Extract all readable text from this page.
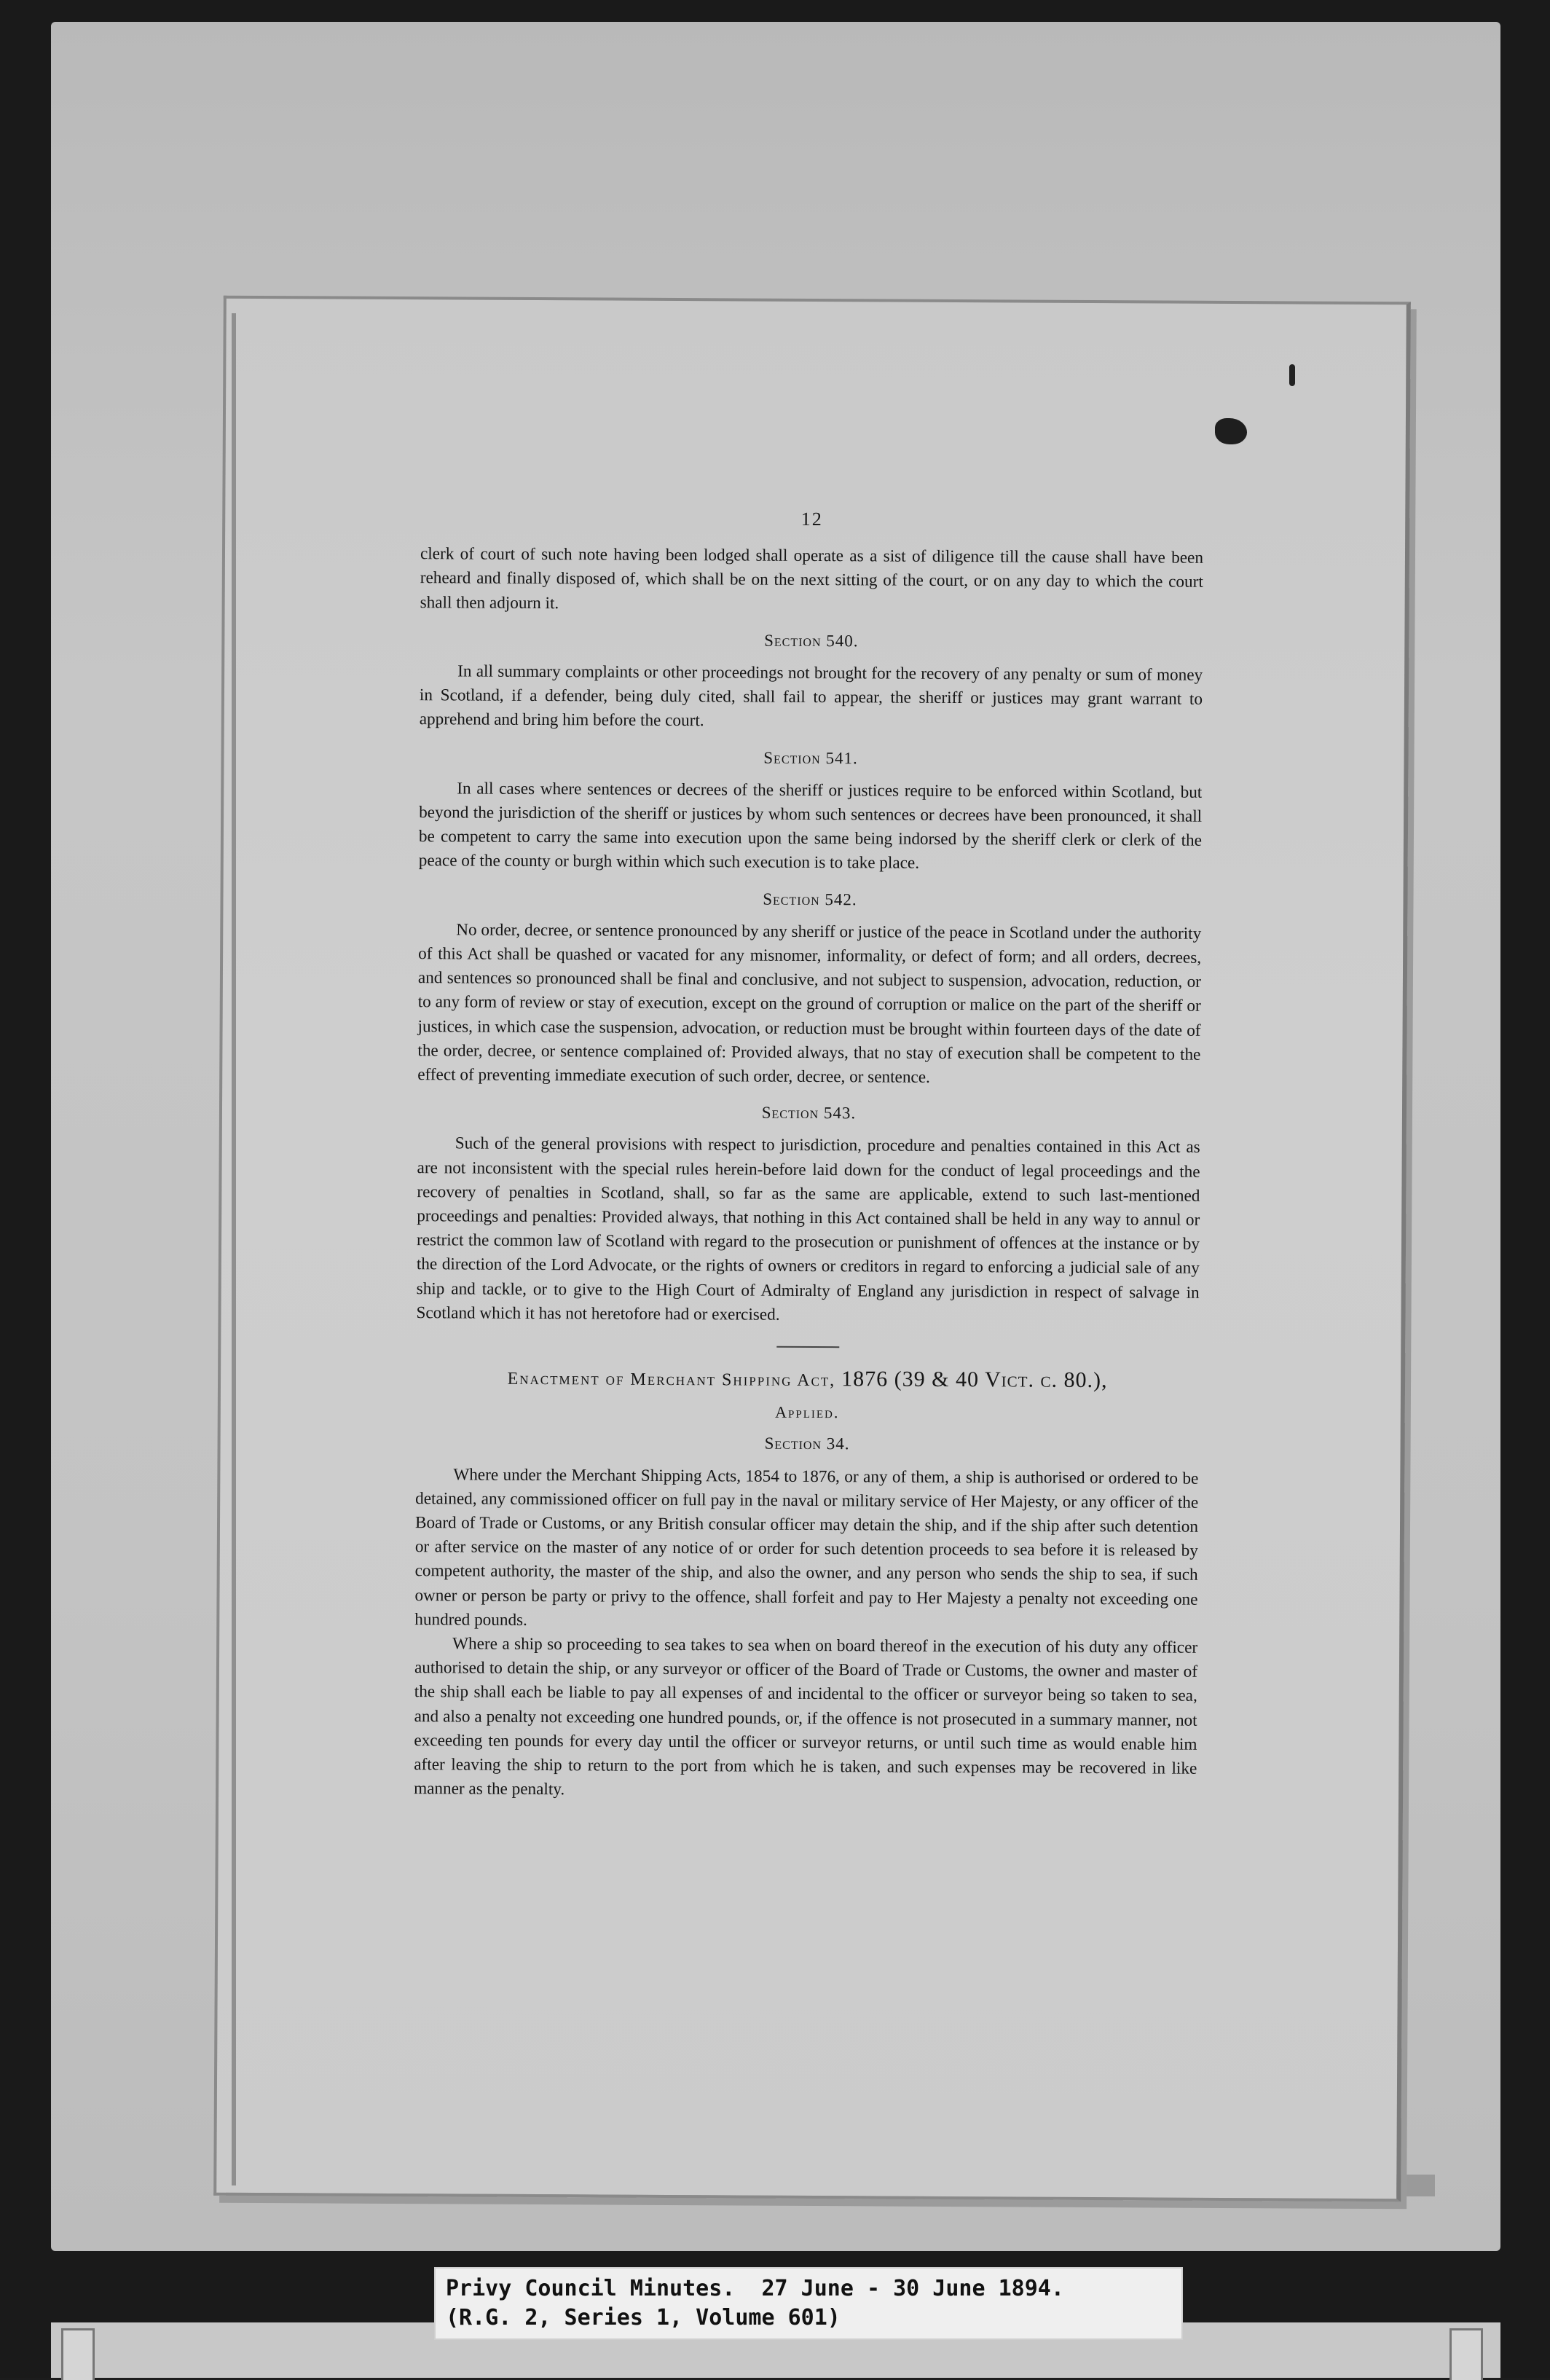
12

clerk of court of such note having been lodged shall operate as a sist of diligence till the cause shall have been reheard and finally disposed of, which shall be on the next sitting of the court, or on any day to which the court shall then adjourn it.

Section 540.

In all summary complaints or other proceedings not brought for the recovery of any penalty or sum of money in Scotland, if a defender, being duly cited, shall fail to appear, the sheriff or justices may grant warrant to apprehend and bring him before the court.

Section 541.

In all cases where sentences or decrees of the sheriff or justices require to be enforced within Scotland, but beyond the jurisdiction of the sheriff or justices by whom such sentences or decrees have been pronounced, it shall be competent to carry the same into execution upon the same being indorsed by the sheriff clerk or clerk of the peace of the county or burgh within which such execution is to take place.

Section 542.

No order, decree, or sentence pronounced by any sheriff or justice of the peace in Scotland under the authority of this Act shall be quashed or vacated for any misnomer, informality, or defect of form; and all orders, decrees, and sentences so pronounced shall be final and conclusive, and not subject to suspension, advocation, reduction, or to any form of review or stay of execution, except on the ground of corruption or malice on the part of the sheriff or justices, in which case the suspension, advocation, or reduction must be brought within fourteen days of the date of the order, decree, or sentence complained of: Provided always, that no stay of execution shall be competent to the effect of preventing immediate execution of such order, decree, or sentence.

Section 543.

Such of the general provisions with respect to jurisdiction, procedure and penalties contained in this Act as are not inconsistent with the special rules herein-before laid down for the conduct of legal proceedings and the recovery of penalties in Scotland, shall, so far as the same are applicable, extend to such last-mentioned proceedings and penalties: Provided always, that nothing in this Act contained shall be held in any way to annul or restrict the common law of Scotland with regard to the prosecution or punishment of offences at the instance or by the direction of the Lord Advocate, or the rights of owners or creditors in regard to enforcing a judicial sale of any ship and tackle, or to give to the High Court of Admiralty of England any jurisdiction in respect of salvage in Scotland which it has not heretofore had or exercised.

Enactment of Merchant Shipping Act, 1876 (39 & 40 Vict. c. 80.),

Applied.
Section 34.

Where under the Merchant Shipping Acts, 1854 to 1876, or any of them, a ship is authorised or ordered to be detained, any commissioned officer on full pay in the naval or military service of Her Majesty, or any officer of the Board of Trade or Customs, or any British consular officer may detain the ship, and if the ship after such detention or after service on the master of any notice of or order for such detention proceeds to sea before it is released by competent authority, the master of the ship, and also the owner, and any person who sends the ship to sea, if such owner or person be party or privy to the offence, shall forfeit and pay to Her Majesty a penalty not exceeding one hundred pounds.

Where a ship so proceeding to sea takes to sea when on board thereof in the execution of his duty any officer authorised to detain the ship, or any surveyor or officer of the Board of Trade or Customs, the owner and master of the ship shall each be liable to pay all expenses of and incidental to the officer or surveyor being so taken to sea, and also a penalty not exceeding one hundred pounds, or, if the offence is not prosecuted in a summary manner, not exceeding ten pounds for every day until the officer or surveyor returns, or until such time as would enable him after leaving the ship to return to the port from which he is taken, and such expenses may be recovered in like manner as the penalty.

Privy Council Minutes.  27 June - 30 June 1894.
(R.G. 2, Series 1, Volume 601)
